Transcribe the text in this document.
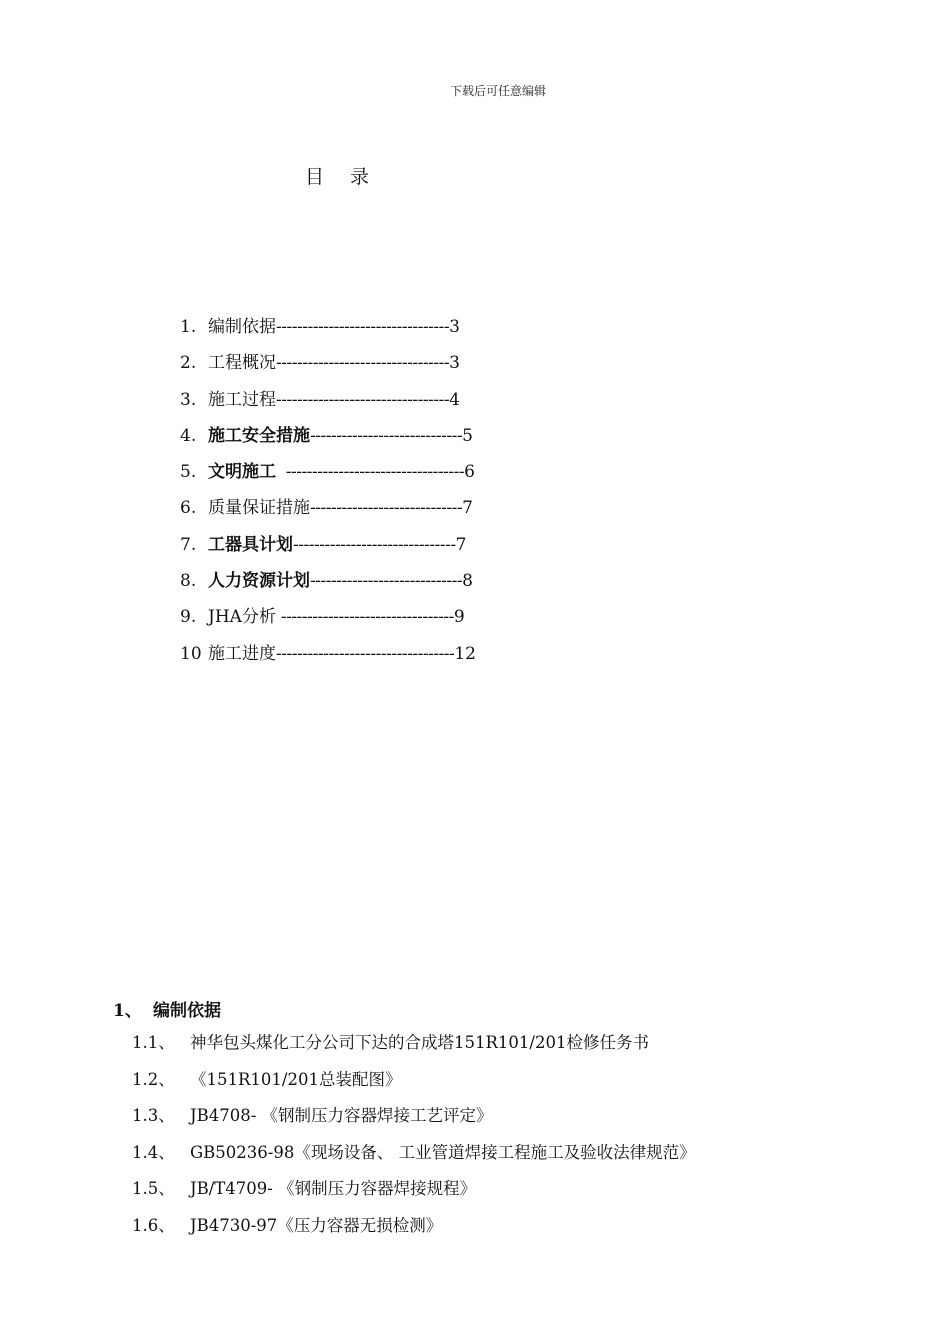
下载后可任意编辑
目 录
1. 编制依据---------------------------------3
2. 工程概况---------------------------------3
3. 施工过程---------------------------------4
4. 施工安全措施-----------------------------5
5. 文明施工  ----------------------------------6
6. 质量保证措施-----------------------------7
7. 工器具计划-------------------------------7
8. 人力资源计划-----------------------------8
9. JHA分析 ---------------------------------9
10 施工进度----------------------------------12
1、 编制依据
1.1、 神华包头煤化工分公司下达的合成塔151R101/201检修任务书
1.2、 《151R101/201总装配图》
1.3、 JB4708- 《钢制压力容器焊接工艺评定》
1.4、 GB50236-98《现场设备、 工业管道焊接工程施工及验收法律规范》
1.5、 JB/T4709- 《钢制压力容器焊接规程》
1.6、 JB4730-97《压力容器无损检测》
